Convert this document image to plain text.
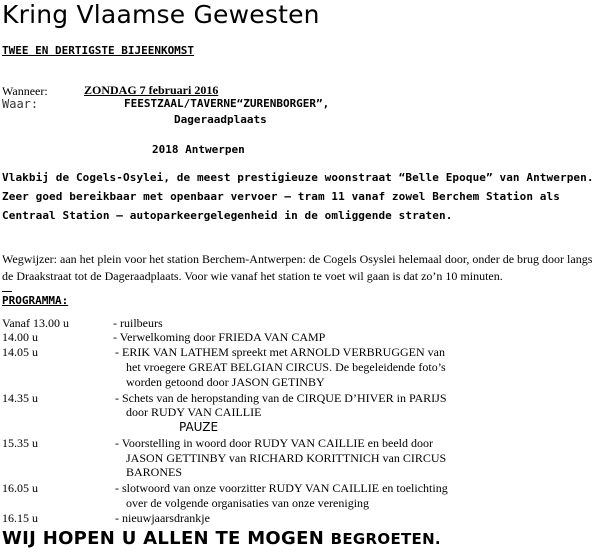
Kring Vlaamse Gewesten
TWEE EN DERTIGSTE BIJEENKOMST
Wanneer:	ZONDAG 7 februari 2016
Waar:	FEESTZAAL/TAVERNE“ZURENBORGER”,
Dageraadplaats
2018 Antwerpen
Vlakbij de Cogels-Osylei, de meest prestigieuze woonstraat “Belle Epoque” van Antwerpen. Zeer goed bereikbaar met openbaar vervoer – tram 11 vanaf zowel Berchem Station als Centraal Station – autoparkeergelegenheid in de omliggende straten.
Wegwijzer: aan het plein voor het station Berchem-Antwerpen: de Cogels Osyslei helemaal door, onder de brug door langs de Draakstraat tot de Dageraadplaats. Voor wie vanaf het station te voet wil gaan is dat zo’n 10 minuten.
PROGRAMMA:
Vanaf 13.00 u	- ruilbeurs
14.00 u	- Verwelkoming door FRIEDA VAN CAMP
14.05 u	- ERIK VAN LATHEM spreekt met ARNOLD VERBRUGGEN van
het vroegere GREAT BELGIAN CIRCUS. De begeleidende foto’s
worden getoond door JASON GETINBY
14.35 u	- Schets van de heropstanding van de CIRQUE D’HIVER in PARIJS
door RUDY VAN CAILLIE
PAUZE
15.35 u	- Voorstelling in woord door RUDY VAN CAILLIE en beeld door
JASON GETTINBY van RICHARD KORITTNICH van CIRCUS
BARONES
16.05 u	- slotwoord van onze voorzitter RUDY VAN CAILLIE en toelichting
over de volgende organisaties van onze vereniging
16.15 u	- nieuwjaarsdrankje
WIJ HOPEN U ALLEN TE MOGEN BEGROETEN.
